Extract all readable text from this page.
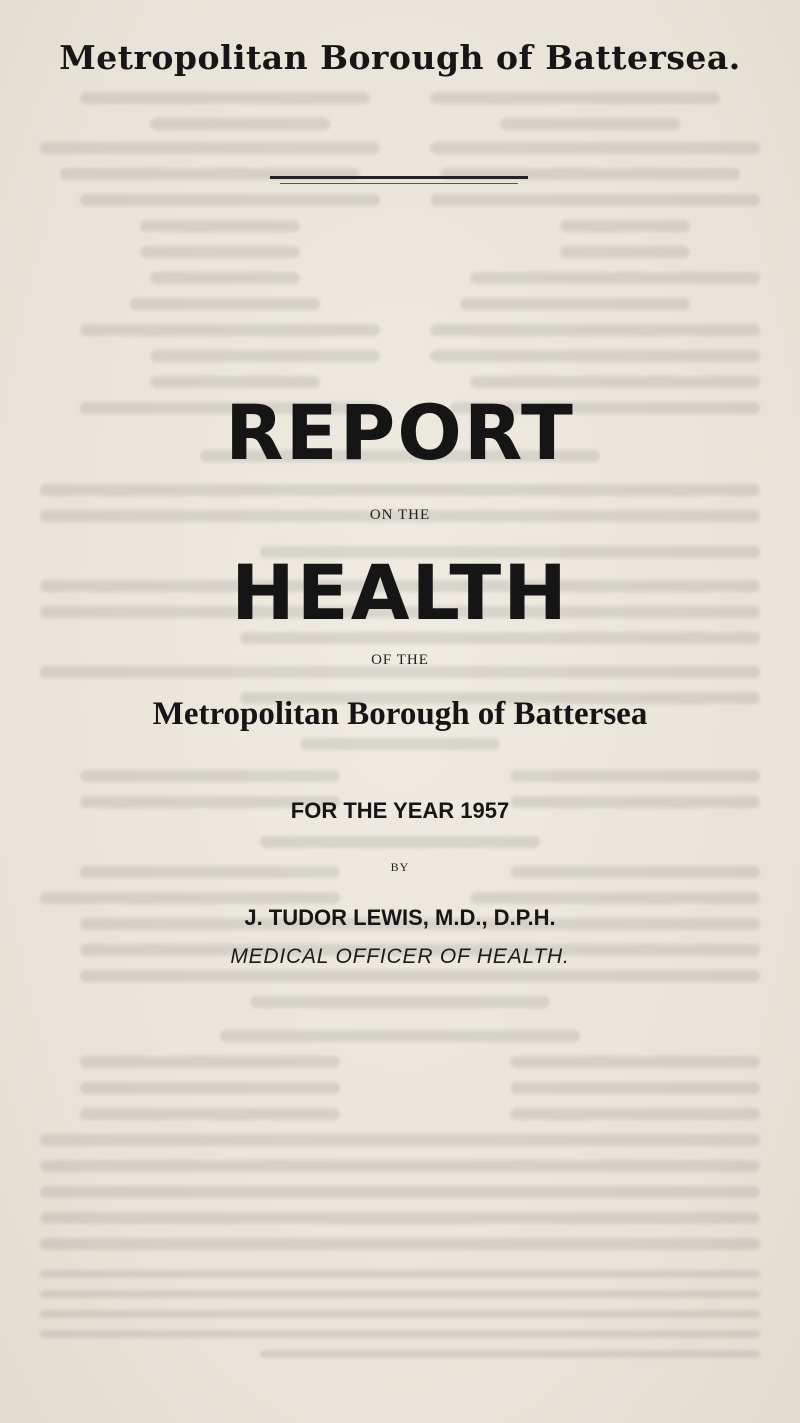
Metropolitan Borough of Battersea.
REPORT
ON THE
HEALTH
OF THE
Metropolitan Borough of Battersea
FOR THE YEAR 1957
BY
J. TUDOR LEWIS, M.D., D.P.H.
MEDICAL OFFICER OF HEALTH.
